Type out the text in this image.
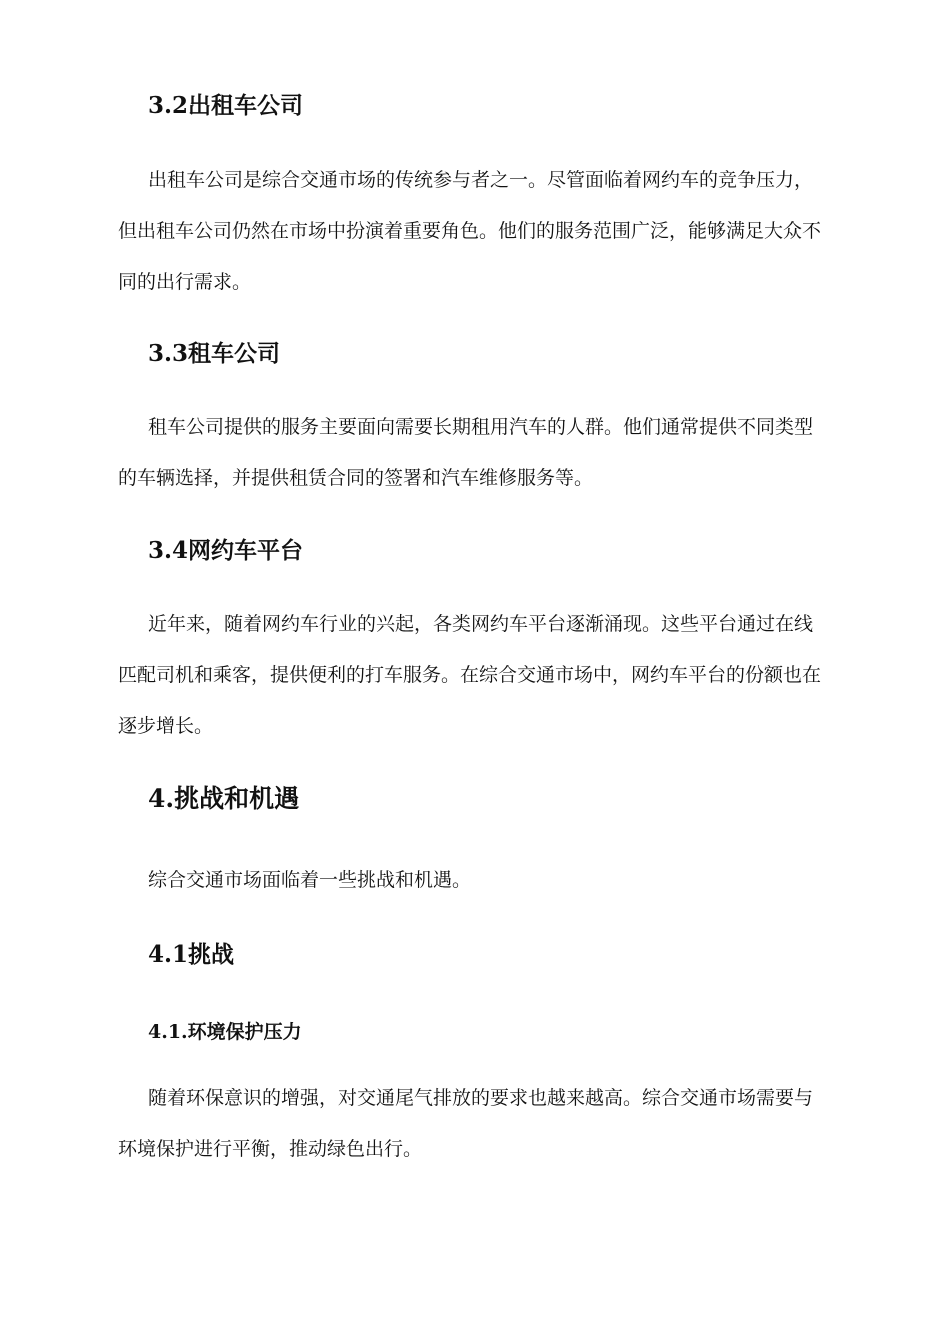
3.2出租车公司
出租车公司是综合交通市场的传统参与者之一。尽管面临着网约车的竞争压力，
但出租车公司仍然在市场中扮演着重要角色。他们的服务范围广泛，能够满足大众不
同的出行需求。
3.3租车公司
租车公司提供的服务主要面向需要长期租用汽车的人群。他们通常提供不同类型
的车辆选择，并提供租赁合同的签署和汽车维修服务等。
3.4网约车平台
近年来，随着网约车行业的兴起，各类网约车平台逐渐涌现。这些平台通过在线
匹配司机和乘客，提供便利的打车服务。在综合交通市场中，网约车平台的份额也在
逐步增长。
4.挑战和机遇
综合交通市场面临着一些挑战和机遇。
4.1挑战
4.1.环境保护压力
随着环保意识的增强，对交通尾气排放的要求也越来越高。综合交通市场需要与
环境保护进行平衡，推动绿色出行。
